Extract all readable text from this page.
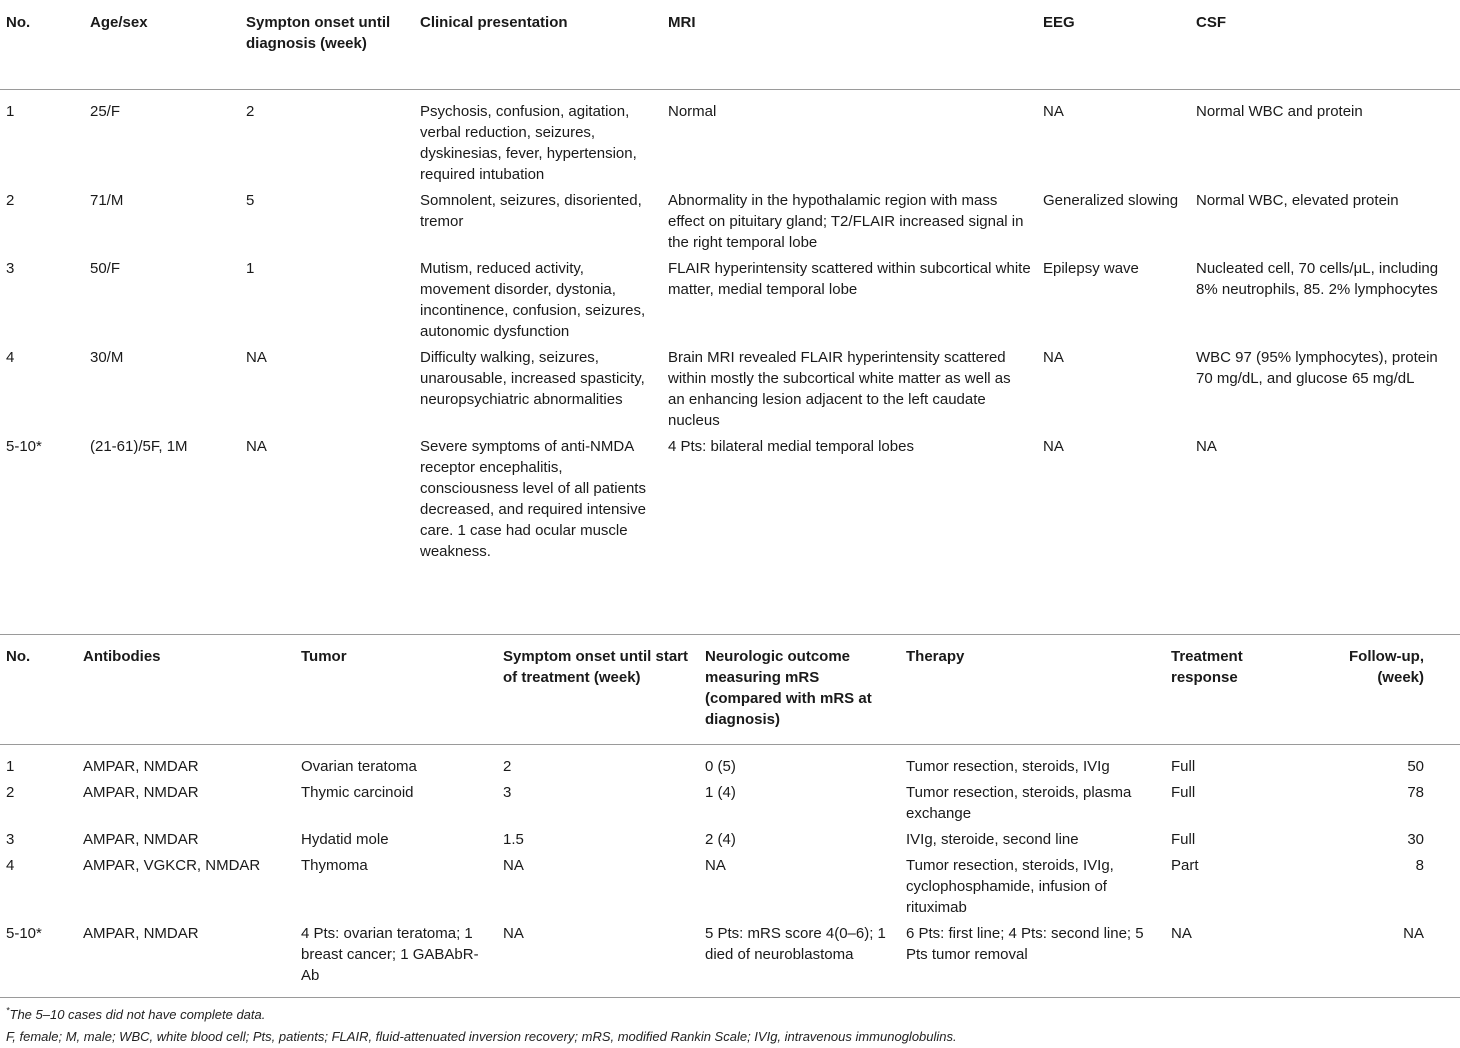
No.	Age/sex	Sympton onset until diagnosis (week)	Clinical presentation	MRI	EEG	CSF
1	25/F	2	Psychosis, confusion, agitation, verbal reduction, seizures, dyskinesias, fever, hypertension, required intubation	Normal	NA	Normal WBC and protein
2	71/M	5	Somnolent, seizures, disoriented, tremor	Abnormality in the hypothalamic region with mass effect on pituitary gland; T2/FLAIR increased signal in the right temporal lobe	Generalized slowing	Normal WBC, elevated protein
3	50/F	1	Mutism, reduced activity, movement disorder, dystonia, incontinence, confusion, seizures, autonomic dysfunction	FLAIR hyperintensity scattered within subcortical white matter, medial temporal lobe	Epilepsy wave	Nucleated cell, 70 cells/μL, including 8% neutrophils, 85. 2% lymphocytes
4	30/M	NA	Difficulty walking, seizures, unarousable, increased spasticity, neuropsychiatric abnormalities	Brain MRI revealed FLAIR hyperintensity scattered within mostly the subcortical white matter as well as an enhancing lesion adjacent to the left caudate nucleus	NA	WBC 97 (95% lymphocytes), protein 70 mg/dL, and glucose 65 mg/dL
5-10*	(21-61)/5F, 1M	NA	Severe symptoms of anti-NMDA receptor encephalitis, consciousness level of all patients decreased, and required intensive care. 1 case had ocular muscle weakness.	4 Pts: bilateral medial temporal lobes	NA	NA
No.	Antibodies	Tumor	Symptom onset until start of treatment (week)	Neurologic outcome measuring mRS (compared with mRS at diagnosis)	Therapy	Treatment response	Follow-up, (week)
1	AMPAR, NMDAR	Ovarian teratoma	2	0 (5)	Tumor resection, steroids, IVIg	Full	50
2	AMPAR, NMDAR	Thymic carcinoid	3	1 (4)	Tumor resection, steroids, plasma exchange	Full	78
3	AMPAR, NMDAR	Hydatid mole	1.5	2 (4)	IVIg, steroide, second line	Full	30
4	AMPAR, VGKCR, NMDAR	Thymoma	NA	NA	Tumor resection, steroids, IVIg, cyclophosphamide, infusion of rituximab	Part	8
5-10*	AMPAR, NMDAR	4 Pts: ovarian teratoma; 1 breast cancer; 1 GABAbR-Ab	NA	5 Pts: mRS score 4(0–6); 1 died of neuroblastoma	6 Pts: first line; 4 Pts: second line; 5 Pts tumor removal	NA	NA
*The 5–10 cases did not have complete data.
F, female; M, male; WBC, white blood cell; Pts, patients; FLAIR, fluid-attenuated inversion recovery; mRS, modified Rankin Scale; IVIg, intravenous immunoglobulins.
